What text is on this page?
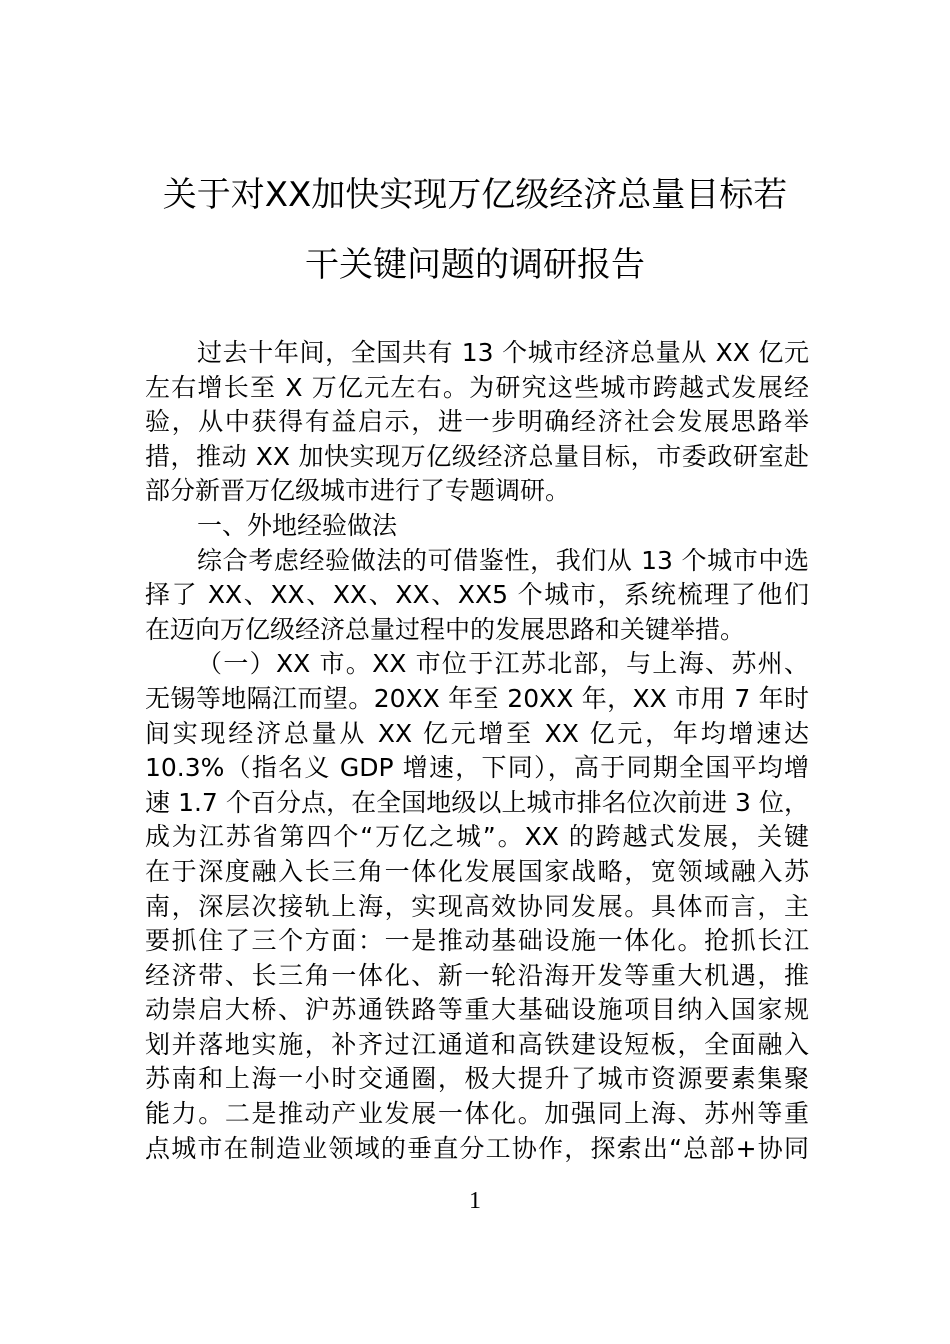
关于对XX加快实现万亿级经济总量目标若
干关键问题的调研报告
过去十年间，全国共有 13 个城市经济总量从 XX 亿元
左右增长至 X 万亿元左右。为研究这些城市跨越式发展经
验，从中获得有益启示，进一步明确经济社会发展思路举
措，推动 XX 加快实现万亿级经济总量目标，市委政研室赴
部分新晋万亿级城市进行了专题调研。
一、外地经验做法
综合考虑经验做法的可借鉴性，我们从 13 个城市中选
择了 XX、XX、XX、XX、XX5 个城市，系统梳理了他们
在迈向万亿级经济总量过程中的发展思路和关键举措。
（一）XX 市。XX 市位于江苏北部，与上海、苏州、
无锡等地隔江而望。20XX 年至 20XX 年，XX 市用 7 年时
间实现经济总量从 XX 亿元增至 XX 亿元，年均增速达
10.3%（指名义 GDP 增速，下同），高于同期全国平均增
速 1.7 个百分点，在全国地级以上城市排名位次前进 3 位，
成为江苏省第四个“万亿之城”。XX 的跨越式发展，关键
在于深度融入长三角一体化发展国家战略，宽领域融入苏
南，深层次接轨上海，实现高效协同发展。具体而言，主
要抓住了三个方面：一是推动基础设施一体化。抢抓长江
经济带、长三角一体化、新一轮沿海开发等重大机遇，推
动崇启大桥、沪苏通铁路等重大基础设施项目纳入国家规
划并落地实施，补齐过江通道和高铁建设短板，全面融入
苏南和上海一小时交通圈，极大提升了城市资源要素集聚
能力。二是推动产业发展一体化。加强同上海、苏州等重
点城市在制造业领域的垂直分工协作，探索出“总部+协同
1
